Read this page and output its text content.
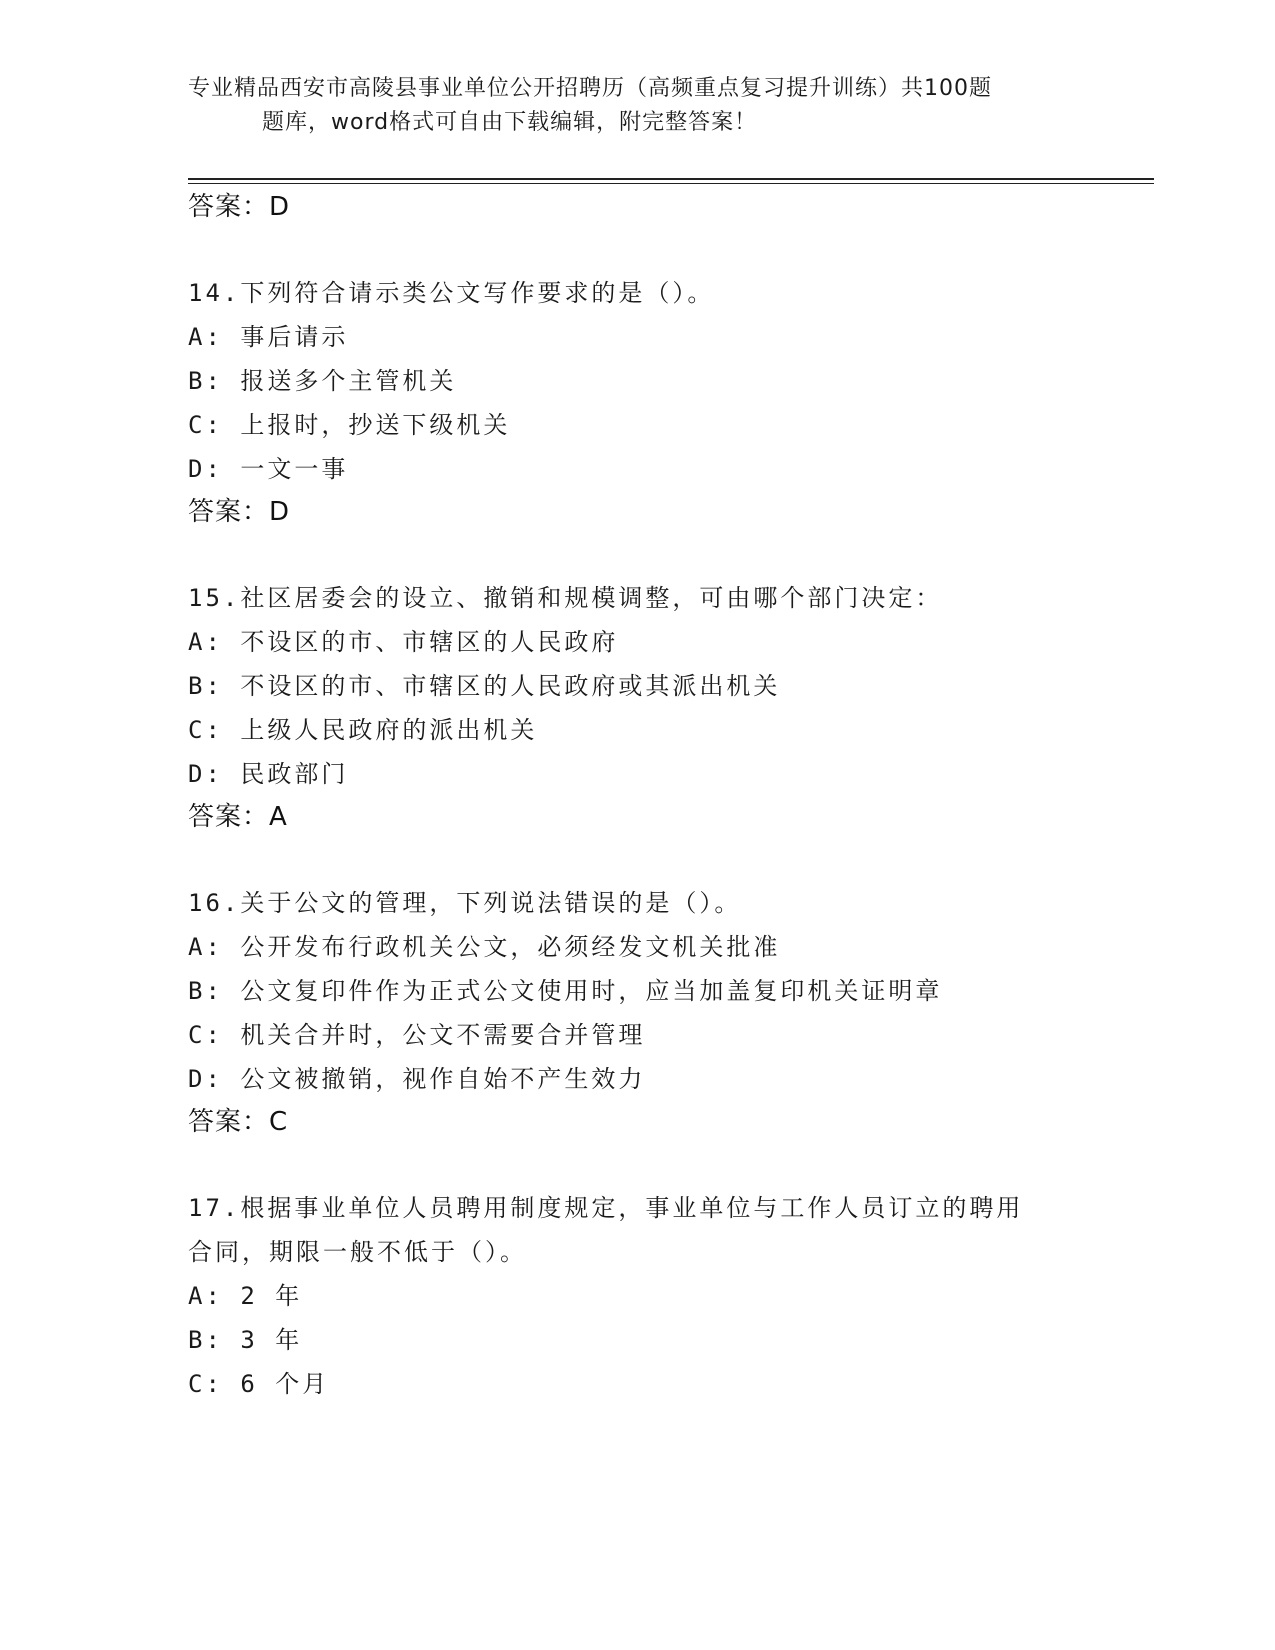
专业精品西安市高陵县事业单位公开招聘历（高频重点复习提升训练）共100题
题库，word格式可自由下载编辑，附完整答案！
答案：D
14.下列符合请示类公文写作要求的是（）。
A: 事后请示
B: 报送多个主管机关
C: 上报时，抄送下级机关
D: 一文一事
答案：D
15.社区居委会的设立、撤销和规模调整，可由哪个部门决定：
A: 不设区的市、市辖区的人民政府
B: 不设区的市、市辖区的人民政府或其派出机关
C: 上级人民政府的派出机关
D: 民政部门
答案：A
16.关于公文的管理，下列说法错误的是（）。
A: 公开发布行政机关公文，必须经发文机关批准
B: 公文复印件作为正式公文使用时，应当加盖复印机关证明章
C: 机关合并时，公文不需要合并管理
D: 公文被撤销，视作自始不产生效力
答案：C
17.根据事业单位人员聘用制度规定，事业单位与工作人员订立的聘用
合同，期限一般不低于（）。
A: 2 年
B: 3 年
C: 6 个月
